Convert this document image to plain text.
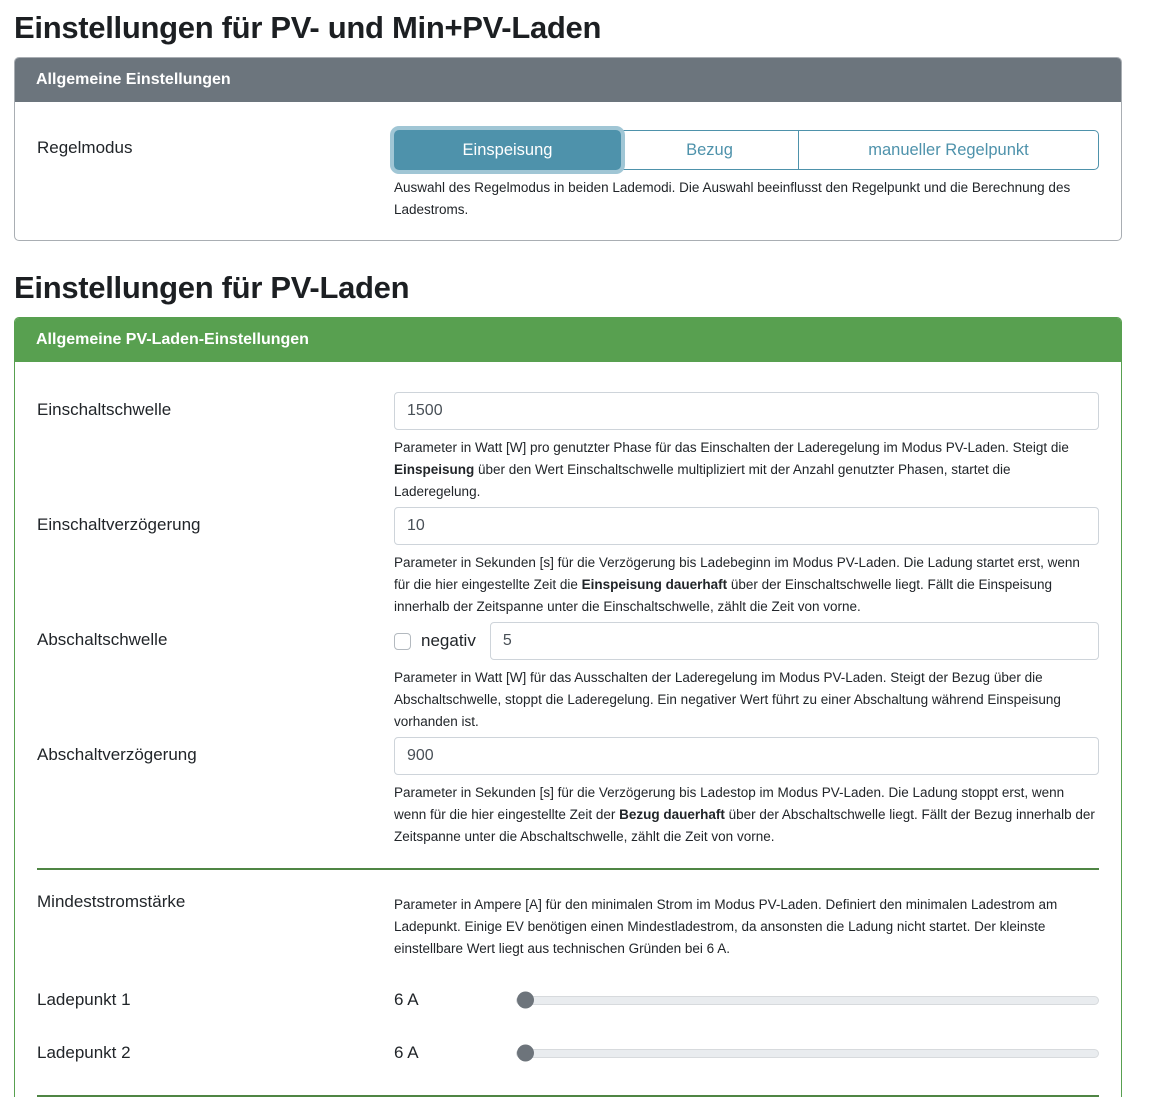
Einstellungen für PV- und Min+PV-Laden
Allgemeine Einstellungen
Regelmodus	Einspeisung	Bezug	manueller Regelpunkt

Auswahl des Regelmodus in beiden Lademodi. Die Auswahl beeinflusst den Regelpunkt und die Berechnung des Ladestroms.

Einstellungen für PV-Laden
Allgemeine PV-Laden-Einstellungen
Einschaltschwelle
1500

Parameter in Watt [W] pro genutzter Phase für das Einschalten der Laderegelung im Modus PV-Laden. Steigt die Einspeisung über den Wert Einschaltschwelle multipliziert mit der Anzahl genutzter Phasen, startet die Laderegelung.

Einschaltverzögerung
10

Parameter in Sekunden [s] für die Verzögerung bis Ladebeginn im Modus PV-Laden. Die Ladung startet erst, wenn für die hier eingestellte Zeit die Einspeisung dauerhaft über der Einschaltschwelle liegt. Fällt die Einspeisung innerhalb der Zeitspanne unter die Einschaltschwelle, zählt die Zeit von vorne.

Abschaltschwelle	negativ
5

Parameter in Watt [W] für das Ausschalten der Laderegelung im Modus PV-Laden. Steigt der Bezug über die Abschaltschwelle, stoppt die Laderegelung. Ein negativer Wert führt zu einer Abschaltung während Einspeisung vorhanden ist.

Abschaltverzögerung
900

Parameter in Sekunden [s] für die Verzögerung bis Ladestop im Modus PV-Laden. Die Ladung stoppt erst, wenn wenn für die hier eingestellte Zeit der Bezug dauerhaft über der Abschaltschwelle liegt. Fällt der Bezug innerhalb der Zeitspanne unter die Abschaltschwelle, zählt die Zeit von vorne.

Mindeststromstärke	Parameter in Ampere [A] für den minimalen Strom im Modus PV-Laden. Definiert den minimalen Ladestrom am Ladepunkt. Einige EV benötigen einen Mindestladestrom, da ansonsten die Ladung nicht startet. Der kleinste einstellbare Wert liegt aus technischen Gründen bei 6 A.

Ladepunkt 1	6 A
Ladepunkt 2	6 A
